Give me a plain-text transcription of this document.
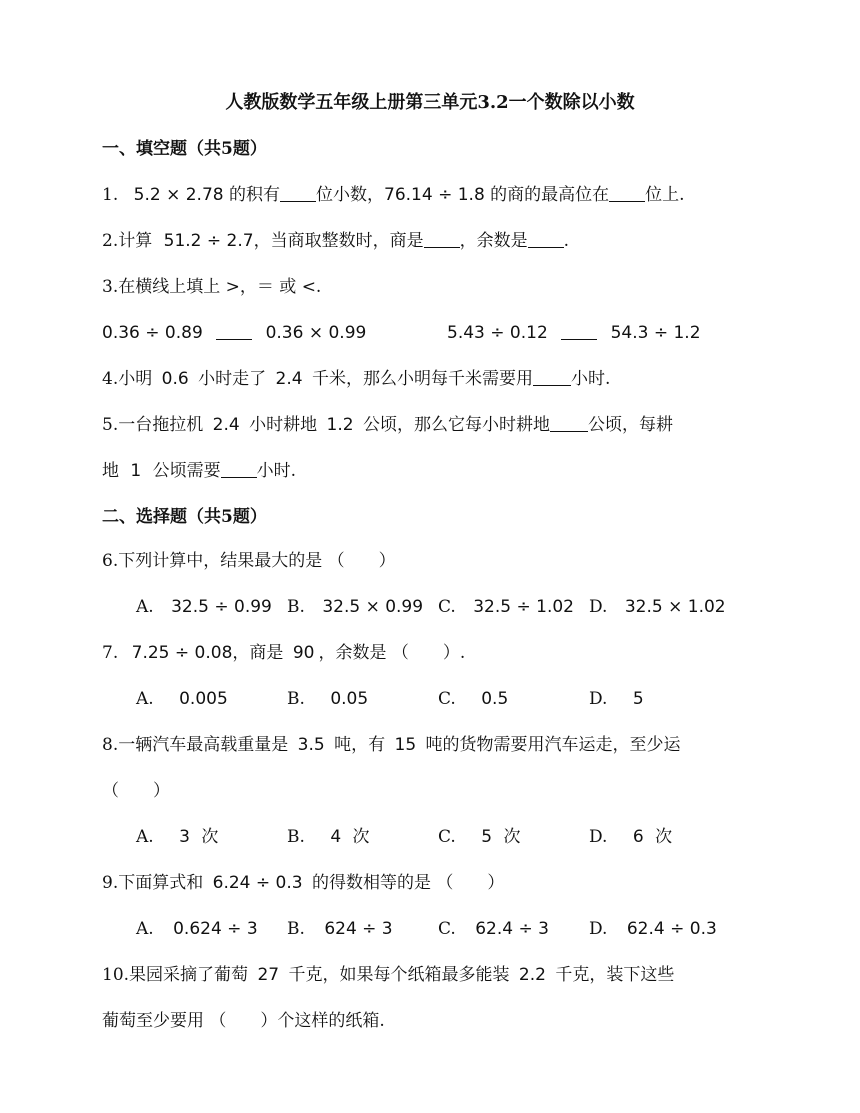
人教版数学五年级上册第三单元3.2一个数除以小数
一、填空题（共5题）
1. 5.2 × 2.78 的积有 位小数，76.14 ÷ 1.8 的商的最高位在 位上.
2.计算 51.2 ÷ 2.7，当商取整数时，商是 ，余数是 .
3.在横线上填上 >，＝ 或 <.
0.36 ÷ 0.89	0.36 × 0.99	5.43 ÷ 0.12	54.3 ÷ 1.2
4.小明 0.6 小时走了 2.4 千米，那么小明每千米需要用 小时.
5.一台拖拉机 2.4 小时耕地 1.2 公顷，那么它每小时耕地 公顷，每耕
地 1 公顷需要 小时.
二、选择题（共5题）
6.下列计算中，结果最大的是 （　　）
A. 32.5 ÷ 0.99 B. 32.5 × 0.99 C. 32.5 ÷ 1.02 D. 32.5 × 1.02
7. 7.25 ÷ 0.08，商是 90 ，余数是 （　　）.
A. 0.005	B. 0.05	C. 0.5	D. 5
8.一辆汽车最高载重量是 3.5 吨，有 15 吨的货物需要用汽车运走，至少运
（　　）
A. 3 次	B. 4 次	C. 5 次	D. 6 次
9.下面算式和 6.24 ÷ 0.3 的得数相等的是 （　　）
A. 0.624 ÷ 3 B. 624 ÷ 3	C. 62.4 ÷ 3 D. 62.4 ÷ 0.3
10.果园采摘了葡萄 27 千克，如果每个纸箱最多能装 2.2 千克，装下这些
葡萄至少要用 （　　）个这样的纸箱.
